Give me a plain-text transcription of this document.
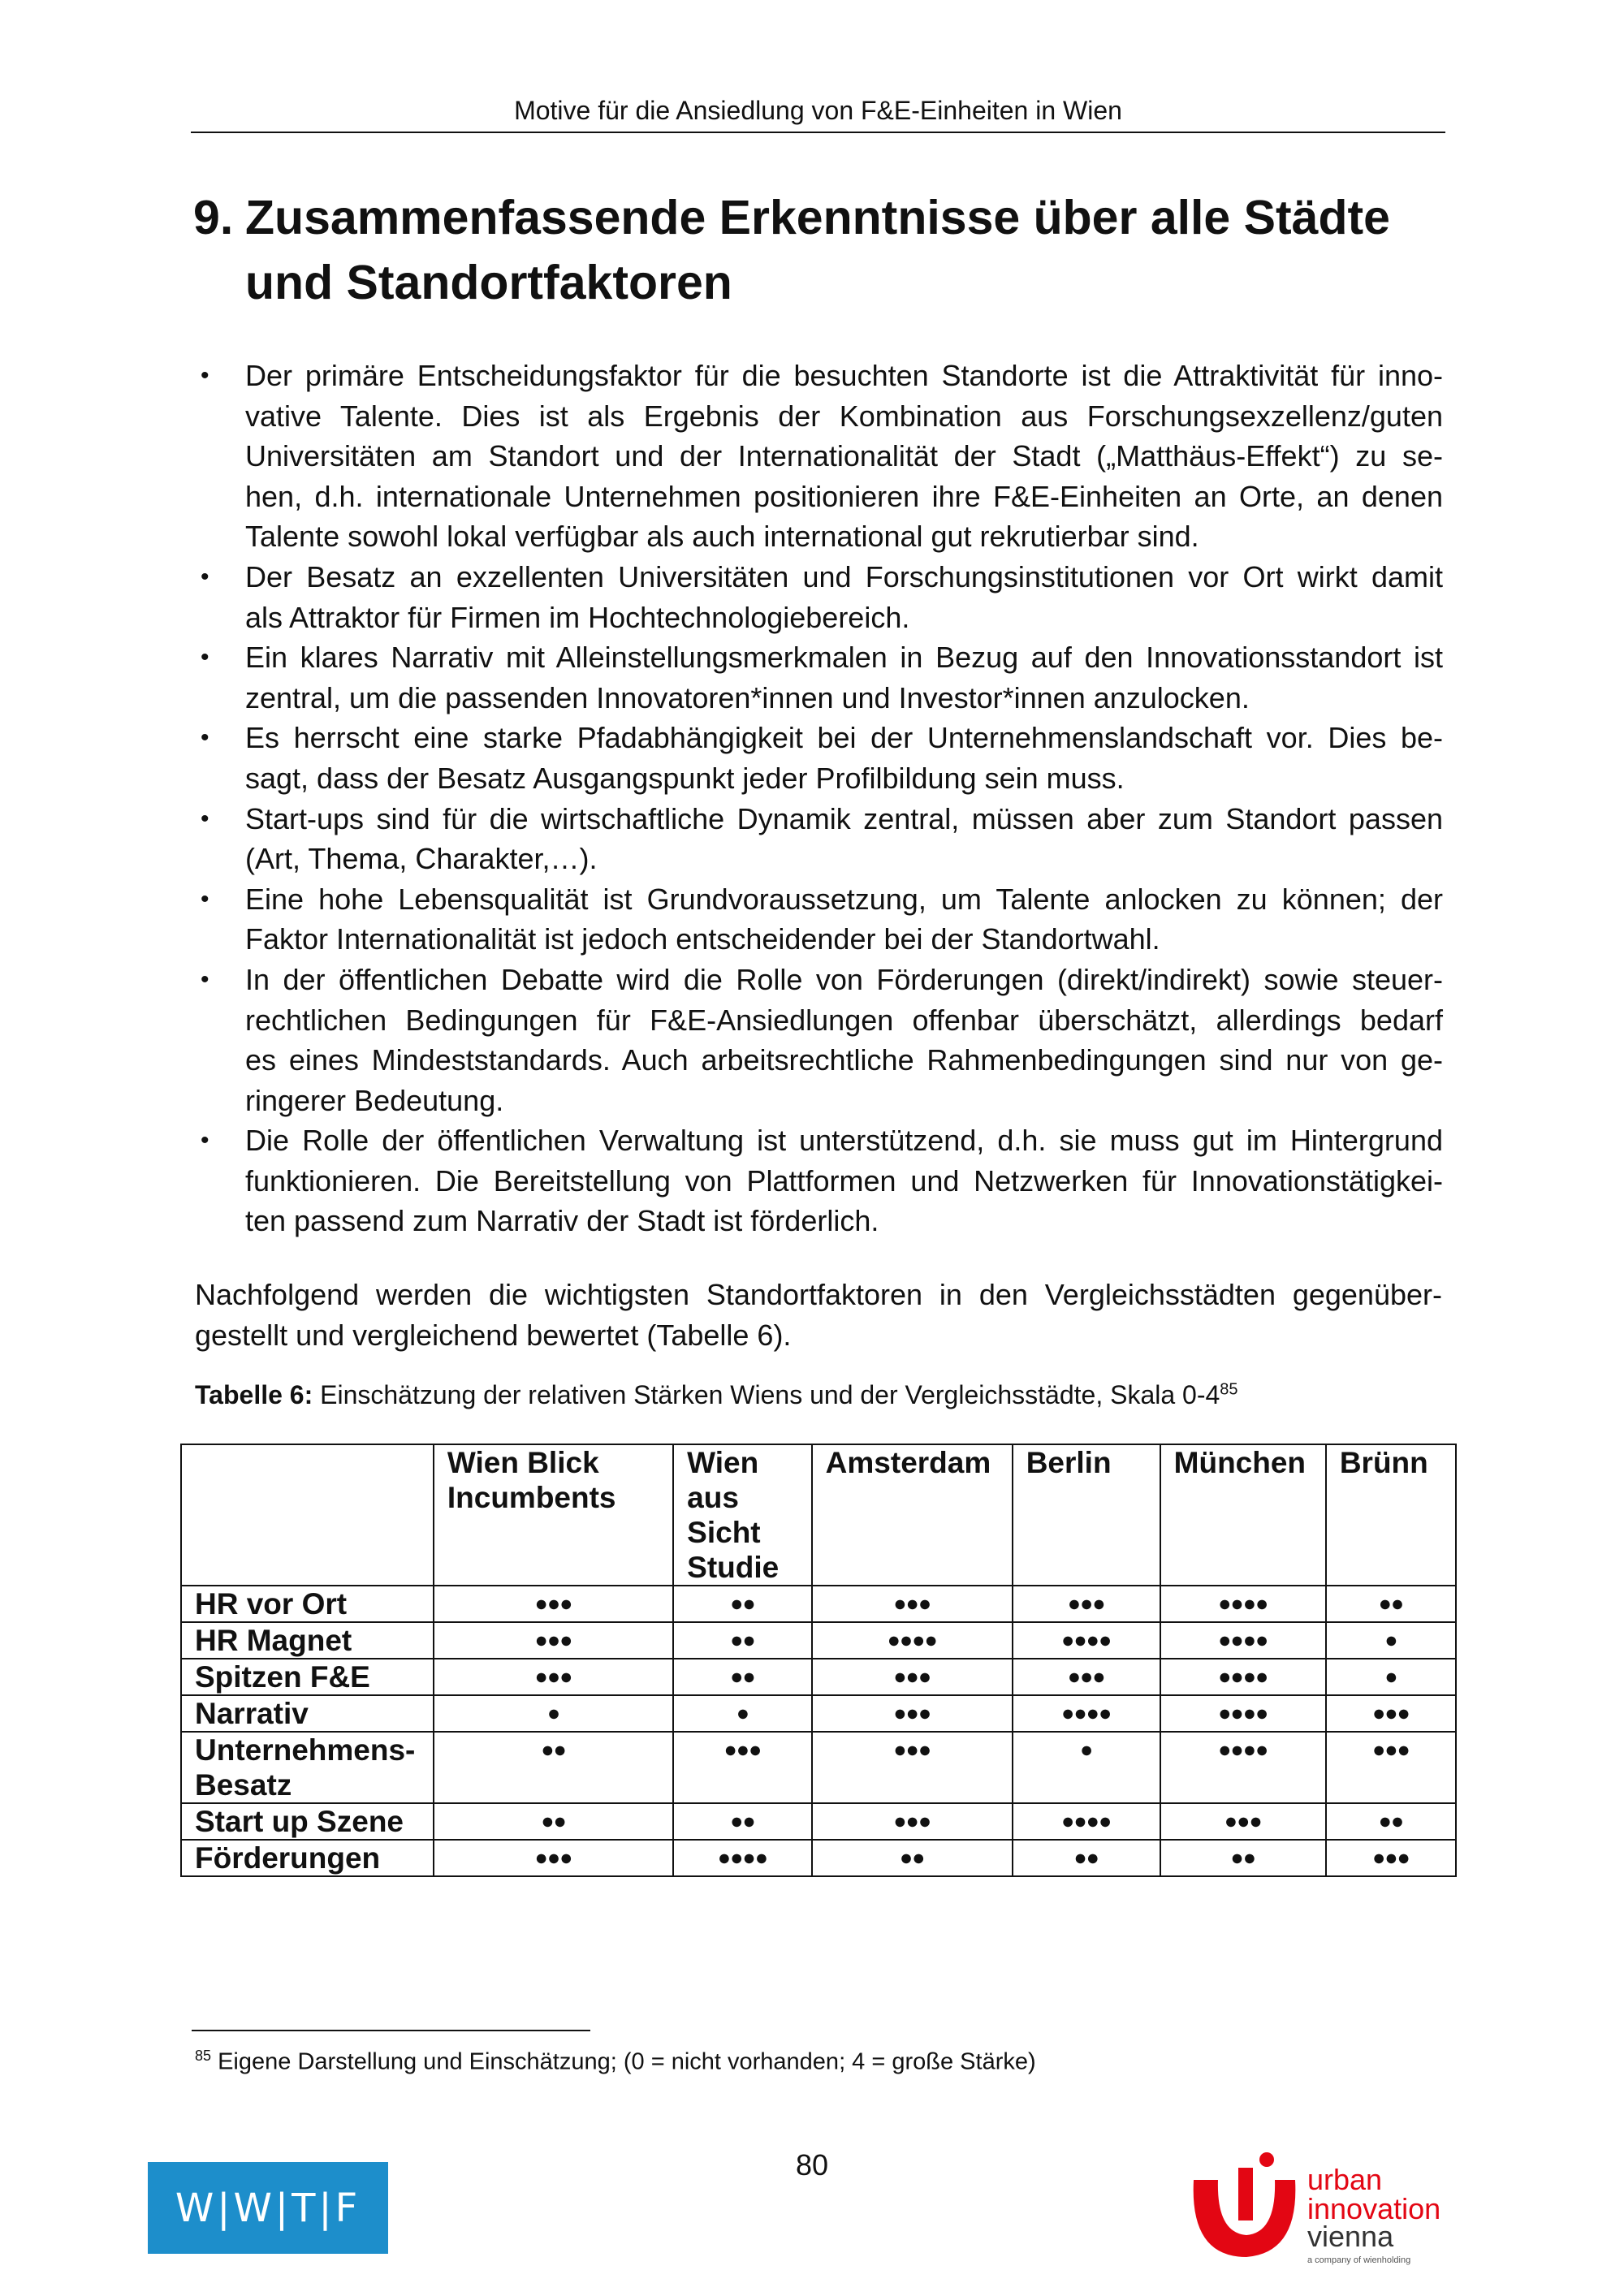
Motive für die Ansiedlung von F&E-Einheiten in Wien
9. Zusammenfassende Erkenntnisse über alle Städte
und Standortfaktoren
• Der primäre Entscheidungsfaktor für die besuchten Standorte ist die Attraktivität für inno-
vative Talente. Dies ist als Ergebnis der Kombination aus Forschungsexzellenz/guten
Universitäten am Standort und der Internationalität der Stadt („Matthäus-Effekt“) zu se-
hen, d.h. internationale Unternehmen positionieren ihre F&E-Einheiten an Orte, an denen
Talente sowohl lokal verfügbar als auch international gut rekrutierbar sind.
• Der Besatz an exzellenten Universitäten und Forschungsinstitutionen vor Ort wirkt damit
als Attraktor für Firmen im Hochtechnologiebereich.
• Ein klares Narrativ mit Alleinstellungsmerkmalen in Bezug auf den Innovationsstandort ist
zentral, um die passenden Innovatoren*innen und Investor*innen anzulocken.
• Es herrscht eine starke Pfadabhängigkeit bei der Unternehmenslandschaft vor. Dies be-
sagt, dass der Besatz Ausgangspunkt jeder Profilbildung sein muss.
• Start-ups sind für die wirtschaftliche Dynamik zentral, müssen aber zum Standort passen
(Art, Thema, Charakter,…).
• Eine hohe Lebensqualität ist Grundvoraussetzung, um Talente anlocken zu können; der
Faktor Internationalität ist jedoch entscheidender bei der Standortwahl.
• In der öffentlichen Debatte wird die Rolle von Förderungen (direkt/indirekt) sowie steuer-
rechtlichen Bedingungen für F&E-Ansiedlungen offenbar überschätzt, allerdings bedarf
es eines Mindeststandards. Auch arbeitsrechtliche Rahmenbedingungen sind nur von ge-
ringerer Bedeutung.
• Die Rolle der öffentlichen Verwaltung ist unterstützend, d.h. sie muss gut im Hintergrund
funktionieren. Die Bereitstellung von Plattformen und Netzwerken für Innovationstätigkei-
ten passend zum Narrativ der Stadt ist förderlich.
Nachfolgend werden die wichtigsten Standortfaktoren in den Vergleichsstädten gegenüber-
gestellt und vergleichend bewertet (Tabelle 6).
Tabelle 6: Einschätzung der relativen Stärken Wiens und der Vergleichsstädte, Skala $0-4^{85}$
	Wien Blick Incumbents	Wien aus Sicht Studie	Amsterdam	Berlin	München	Brünn
HR vor Ort	●●●	●●	●●●	●●●	●●●●	●●
HR Magnet	●●●	●●	●●●●	●●●●	●●●●	●
Spitzen F&E	●●●	●●	●●●	●●●	●●●●	●
Narrativ	●	●	●●●	●●●●	●●●●	●●●
Unternehmens-
Besatz	●●	●●●	●●●	●	●●●●	●●●
Start up Szene	●●	●●	●●●	●●●●	●●●	●●
Förderungen	●●●	●●●●	●●	●●	●●	●●●
$^{85}$ Eigene Darstellung und Einschätzung; (0 = nicht vorhanden; 4 = große Stärke)
80
W|W|T|F
urban
innovation
vienna
a company of wienholding
